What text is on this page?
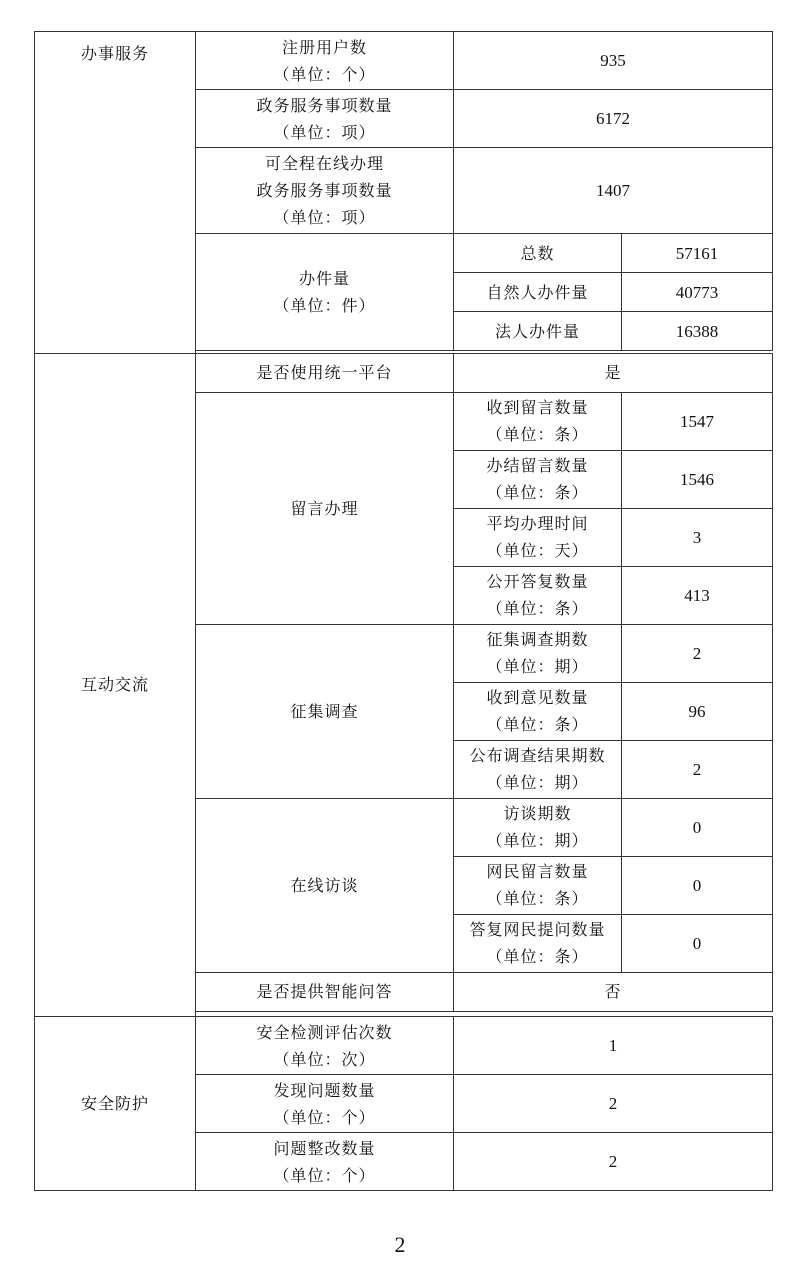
办事服务	注册用户数
（单位：个）	935	

	政务服务事项数量
（单位：项）	6172	

	可全程在线办理
政务服务事项数量
（单位：项）	1407	

	办件量
（单位：件）	总数	57161

		自然人办件量	40773

		法人办件量	16388

互动交流	是否使用统一平台	是	

	留言办理	收到留言数量
（单位：条）	1547

		办结留言数量
（单位：条）	1546

		平均办理时间
（单位：天）	3

		公开答复数量
（单位：条）	413

	征集调查	征集调查期数
（单位：期）	2

		收到意见数量
（单位：条）	96

		公布调查结果期数
（单位：期）	2

	在线访谈	访谈期数
（单位：期）	0

		网民留言数量
（单位：条）	0

		答复网民提问数量
（单位：条）	0

	是否提供智能问答	否	

安全防护	安全检测评估次数
（单位：次）	1	

	发现问题数量
（单位：个）	2	

	问题整改数量
（单位：个）	2	
2
